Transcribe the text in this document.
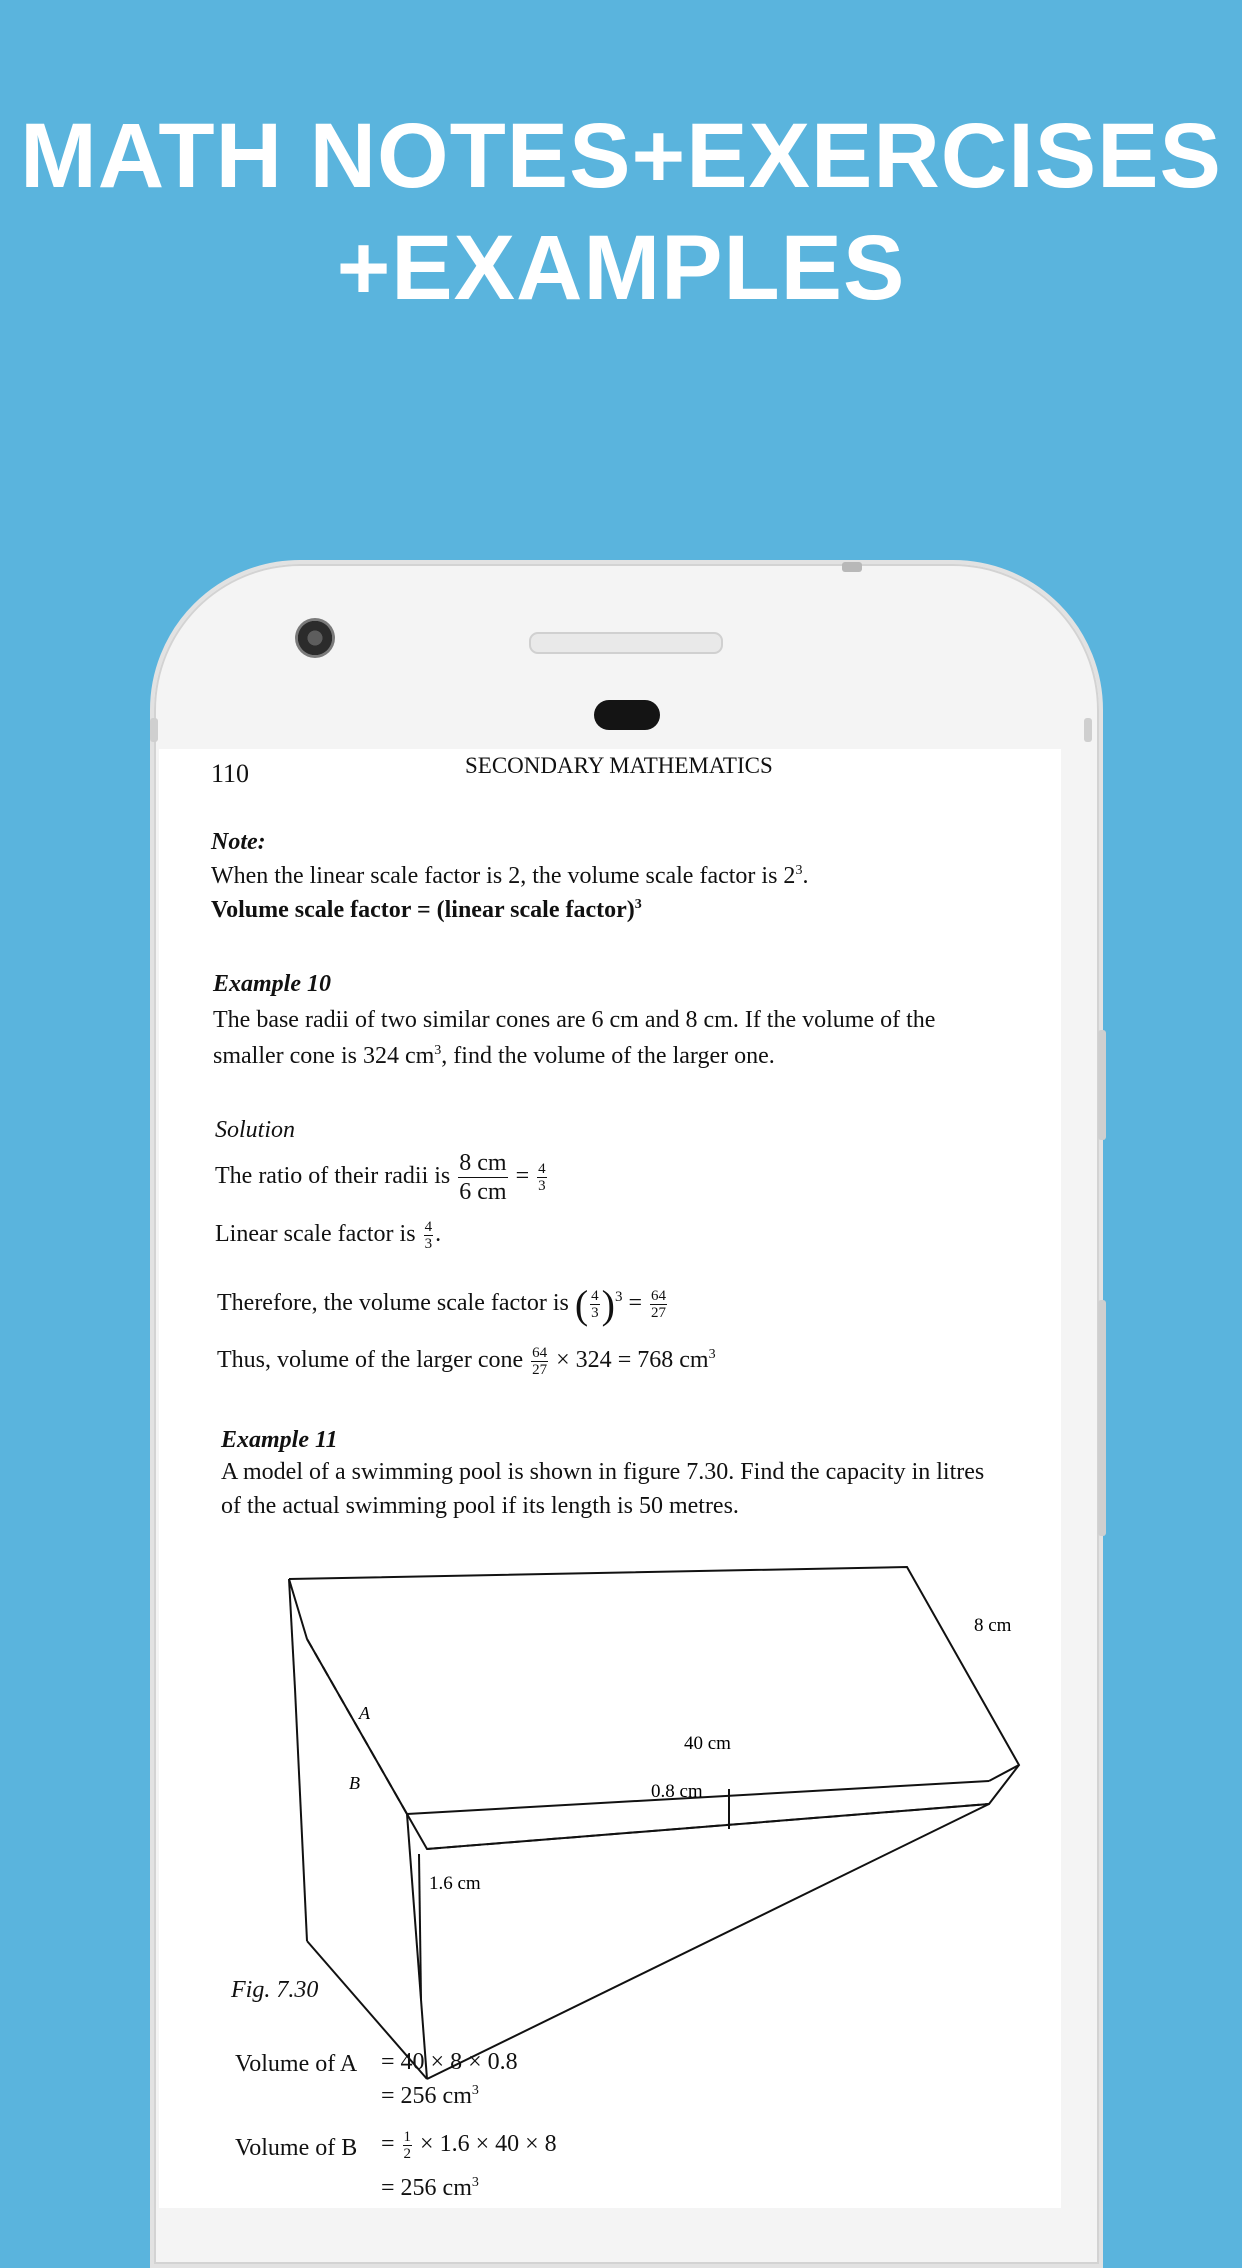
MATH NOTES+EXERCISES
+EXAMPLES
110	SECONDARY MATHEMATICS
Note:
When the linear scale factor is 2, the volume scale factor is $2^3$.
Volume scale factor = (linear scale factor)$^3$
Example 10
The base radii of two similar cones are 6 cm and 8 cm. If the volume of the
smaller cone is 324 $cm^3$, find the volume of the larger one.
Solution
The ratio of their radii is $\frac{8 cm}{6 cm} = \frac{4}{3}$
Linear scale factor is $\frac{4}{3}$ .
Therefore, the volume scale factor is ( $\frac{4}{3} )^3 = \frac{64}{27}$
Thus, volume of the larger cone $\frac{64}{27} \times 324 = 768$ $cm^3$
Example 11
A model of a swimming pool is shown in figure 7.30. Find the capacity in litres
of the actual swimming pool if its length is 50 metres.
8 cm
40 cm
0.8 cm
1.6 cm
A
B
Fig. 7.30
Volume of A = 40 × 8 × 0.8
= 256 $cm^3$
Volume of $B = \frac{1}{2} \times 1.6 \times 40 \times 8$
= 256 $cm^3$
